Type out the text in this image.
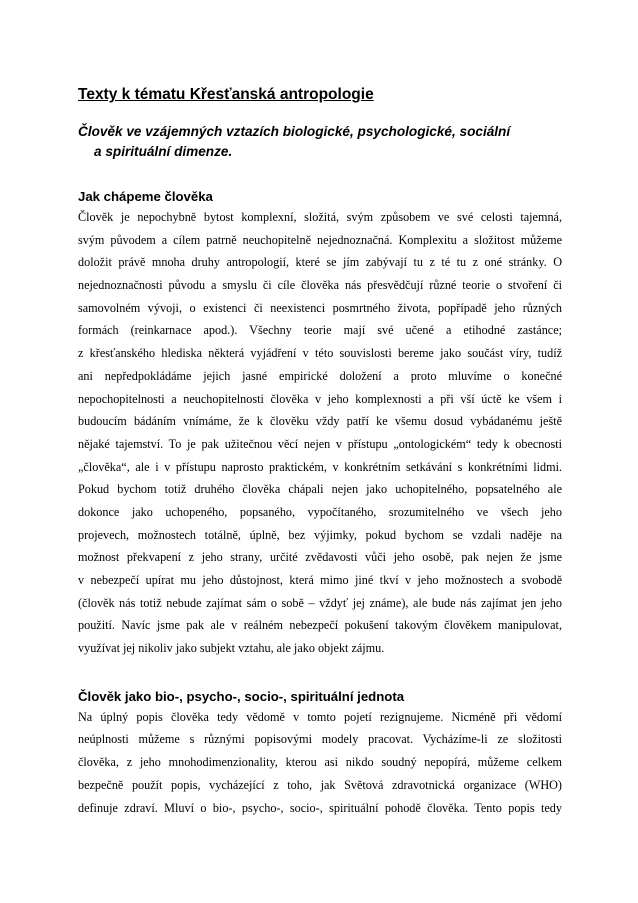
Texty k tématu Křesťanská antropologie
Člověk ve vzájemných vztazích biologické, psychologické, sociální
a spirituální dimenze.
Jak chápeme člověka
Člověk je nepochybně bytost komplexní, složitá, svým způsobem ve své celosti tajemná,
svým původem a cílem patrně neuchopitelně nejednoznačná. Komplexitu a složitost můžeme
doložit právě mnoha druhy antropologií, které se jím zabývají tu z té tu z oné stránky. O
nejednoznačnosti původu a smyslu či cíle člověka nás přesvědčují různé teorie o stvoření či
samovolném vývoji, o existenci či neexistenci posmrtného života, popřípadě jeho různých
formách (reinkarnace apod.). Všechny teorie mají své učené a etihodné zastánce;
z křesťanského hlediska některá vyjádření v této souvislosti bereme jako součást víry, tudíž
ani nepředpokládáme jejich jasné empirické doložení a proto mluvíme o konečné
nepochopitelnosti a neuchopitelnosti člověka v jeho komplexnosti a při vší úctě ke všem i
budoucím bádáním vnímáme, že k člověku vždy patří ke všemu dosud vybádanému ještě
nějaké tajemství. To je pak užitečnou věcí nejen v přístupu „ontologickém“ tedy k obecnosti
„člověka“, ale i v přístupu naprosto praktickém, v konkrétním setkávání s konkrétními lidmi.
Pokud bychom totiž druhého člověka chápali nejen jako uchopitelného, popsatelného ale
dokonce jako uchopeného, popsaného, vypočítaného, srozumitelného ve všech jeho
projevech, možnostech totálně, úplně, bez výjimky, pokud bychom se vzdali naděje na
možnost překvapení z jeho strany, určité zvědavosti vůči jeho osobě, pak nejen že jsme
v nebezpečí upírat mu jeho důstojnost, která mimo jiné tkví v jeho možnostech a svobodě
(člověk nás totiž nebude zajímat sám o sobě – vždyť jej známe), ale bude nás zajímat jen jeho
použití. Navíc jsme pak ale v reálném nebezpečí pokušení takovým člověkem manipulovat,
využívat jej nikoliv jako subjekt vztahu, ale jako objekt zájmu.
Člověk jako bio-, psycho-, socio-, spirituální jednota
Na úplný popis člověka tedy vědomě v tomto pojetí rezignujeme. Nicméně při vědomí
neúplnosti můžeme s různými popisovými modely pracovat. Vycházíme-li ze složitosti
člověka, z jeho mnohodimenzionality, kterou asi nikdo soudný nepopírá, můžeme celkem
bezpečně použít popis, vycházející z toho, jak Světová zdravotnická organizace (WHO)
definuje zdraví. Mluví o bio-, psycho-, socio-, spirituální pohodě člověka. Tento popis tedy
